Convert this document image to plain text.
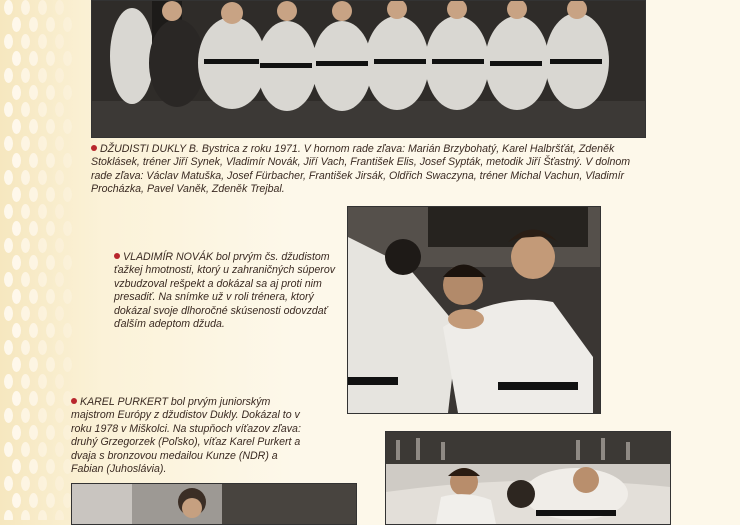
DŽUDISTI DUKLY B. Bystrica z roku 1971. V hornom rade zľava: Marián Brzybohatý, Karel Halbršťát, Zdeněk Stoklásek, tréner Jiří Synek, Vladimír Novák, Jiří Vach, František Elis, Josef Sypták, metodik Jiří Šťastný. V dolnom rade zľava: Václav Matuška, Josef Fürbacher, František Jirsák, Oldřich Swaczyna, tréner Michal Vachun, Vladimír Procházka, Pavel Vaněk, Zdeněk Trejbal.
VLADIMÍR NOVÁK bol prvým čs. džudistom ťažkej hmotnosti, ktorý u zahraničných súperov vzbudzoval rešpekt a dokázal sa aj proti nim presadiť. Na snímke už v roli trénera, ktorý dokázal svoje dlhoročné skúsenosti odovzdať ďalším adeptom džuda.
KAREL PURKERT bol prvým juniorským majstrom Európy z džudistov Dukly. Dokázal to v roku 1978 v Miškolci. Na stupňoch víťazov zľava: druhý Grzegorzek (Poľsko), víťaz Karel Purkert a dvaja s bronzovou medailou Kunze (NDR) a Fabian (Juhoslávia).
